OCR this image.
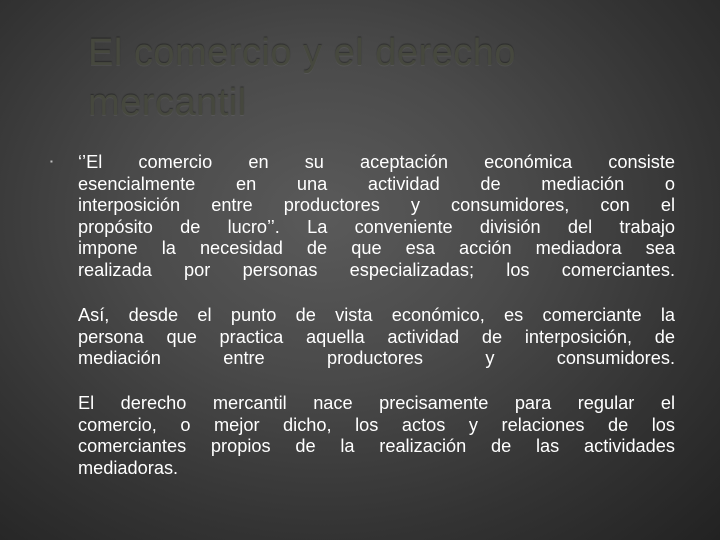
El comercio y el derecho
mercantil
▪ ‘’El comercio en su aceptación económica consiste
esencialmente en una actividad de mediación o
interposición entre productores y consumidores, con el
propósito de lucro’’. La conveniente división del trabajo
impone la necesidad de que esa acción mediadora sea
realizada por personas especializadas; los comerciantes.
Así, desde el punto de vista económico, es comerciante la
persona que practica aquella actividad de interposición, de
mediación entre productores y consumidores.
El derecho mercantil nace precisamente para regular el
comercio, o mejor dicho, los actos y relaciones de los
comerciantes propios de la realización de las actividades
mediadoras.
